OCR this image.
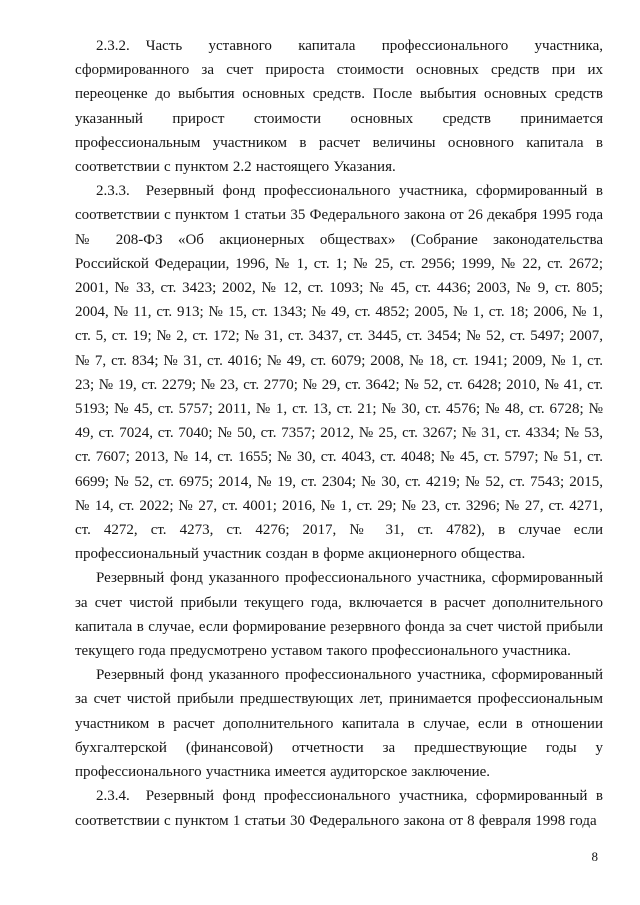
2.3.2. Часть уставного капитала профессионального участника, сформированного за счет прироста стоимости основных средств при их переоценке до выбытия основных средств. После выбытия основных средств указанный прирост стоимости основных средств принимается профессиональным участником в расчет величины основного капитала в соответствии с пунктом 2.2 настоящего Указания.

2.3.3. Резервный фонд профессионального участника, сформированный в соответствии с пунктом 1 статьи 35 Федерального закона от 26 декабря 1995 года № 208-ФЗ «Об акционерных обществах» (Собрание законодательства Российской Федерации, 1996, № 1, ст. 1; № 25, ст. 2956; 1999, № 22, ст. 2672; 2001, № 33, ст. 3423; 2002, № 12, ст. 1093; № 45, ст. 4436; 2003, № 9, ст. 805; 2004, № 11, ст. 913; № 15, ст. 1343; № 49, ст. 4852; 2005, № 1, ст. 18; 2006, № 1, ст. 5, ст. 19; № 2, ст. 172; № 31, ст. 3437, ст. 3445, ст. 3454; № 52, ст. 5497; 2007, № 7, ст. 834; № 31, ст. 4016; № 49, ст. 6079; 2008, № 18, ст. 1941; 2009, № 1, ст. 23; № 19, ст. 2279; № 23, ст. 2770; № 29, ст. 3642; № 52, ст. 6428; 2010, № 41, ст. 5193; № 45, ст. 5757; 2011, № 1, ст. 13, ст. 21; № 30, ст. 4576; № 48, ст. 6728; № 49, ст. 7024, ст. 7040; № 50, ст. 7357; 2012, № 25, ст. 3267; № 31, ст. 4334; № 53, ст. 7607; 2013, № 14, ст. 1655; № 30, ст. 4043, ст. 4048; № 45, ст. 5797; № 51, ст. 6699; № 52, ст. 6975; 2014, № 19, ст. 2304; № 30, ст. 4219; № 52, ст. 7543; 2015, № 14, ст. 2022; № 27, ст. 4001; 2016, № 1, ст. 29; № 23, ст. 3296; № 27, ст. 4271, ст. 4272, ст. 4273, ст. 4276; 2017, № 31, ст. 4782), в случае если профессиональный участник создан в форме акционерного общества.

Резервный фонд указанного профессионального участника, сформированный за счет чистой прибыли текущего года, включается в расчет дополнительного капитала в случае, если формирование резервного фонда за счет чистой прибыли текущего года предусмотрено уставом такого профессионального участника.

Резервный фонд указанного профессионального участника, сформированный за счет чистой прибыли предшествующих лет, принимается профессиональным участником в расчет дополнительного капитала в случае, если в отношении бухгалтерской (финансовой) отчетности за предшествующие годы у профессионального участника имеется аудиторское заключение.

2.3.4. Резервный фонд профессионального участника, сформированный в соответствии с пунктом 1 статьи 30 Федерального закона от 8 февраля 1998 года

8
